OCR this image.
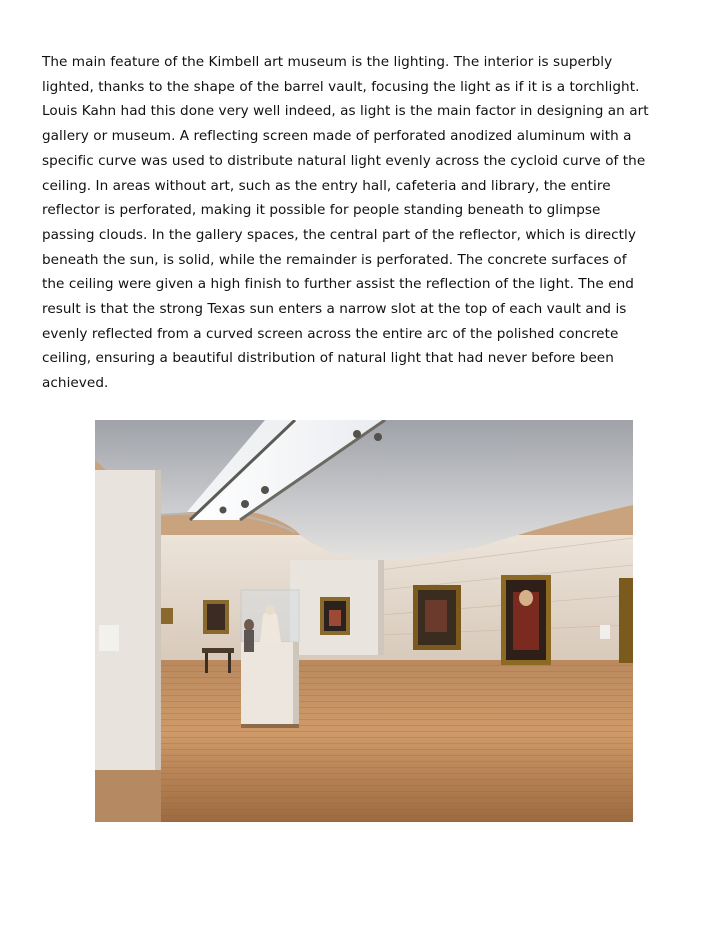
The main feature of the Kimbell art museum is the lighting. The interior is superbly
lighted, thanks to the shape of the barrel vault, focusing the light as if it is a torchlight.
Louis Kahn had this done very well indeed, as light is the main factor in designing an art
gallery or museum. A reflecting screen made of perforated anodized aluminum with a
specific curve was used to distribute natural light evenly across the cycloid curve of the
ceiling. In areas without art, such as the entry hall, cafeteria and library, the entire
reflector is perforated, making it possible for people standing beneath to glimpse
passing clouds. In the gallery spaces, the central part of the reflector, which is directly
beneath the sun, is solid, while the remainder is perforated. The concrete surfaces of
the ceiling were given a high finish to further assist the reflection of the light. The end
result is that the strong Texas sun enters a narrow slot at the top of each vault and is
evenly reflected from a curved screen across the entire arc of the polished concrete
ceiling, ensuring a beautiful distribution of natural light that had never before been
achieved.
